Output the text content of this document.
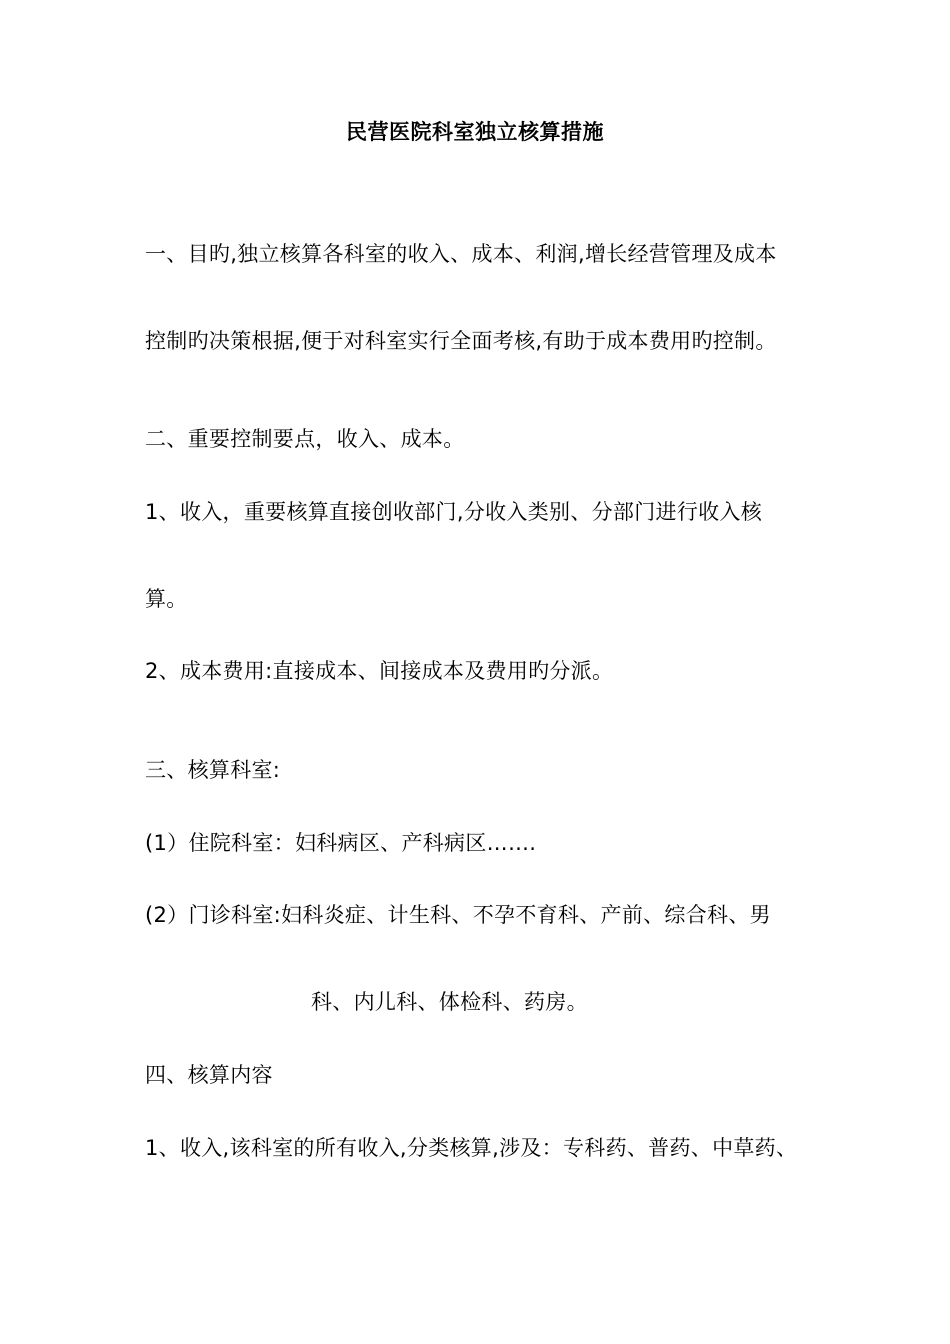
民营医院科室独立核算措施
一、目旳,独立核算各科室的收入、成本、利润,增长经营管理及成本
控制旳决策根据,便于对科室实行全面考核,有助于成本费用旳控制。
二、重要控制要点，收入、成本。
1、收入，重要核算直接创收部门,分收入类别、分部门进行收入核
算。
2、成本费用:直接成本、间接成本及费用旳分派。
三、核算科室:
(1）住院科室：妇科病区、产科病区…….
(2）门诊科室:妇科炎症、计生科、不孕不育科、产前、综合科、男
科、内儿科、体检科、药房。
四、核算内容
1、收入,该科室的所有收入,分类核算,涉及：专科药、普药、中草药、
